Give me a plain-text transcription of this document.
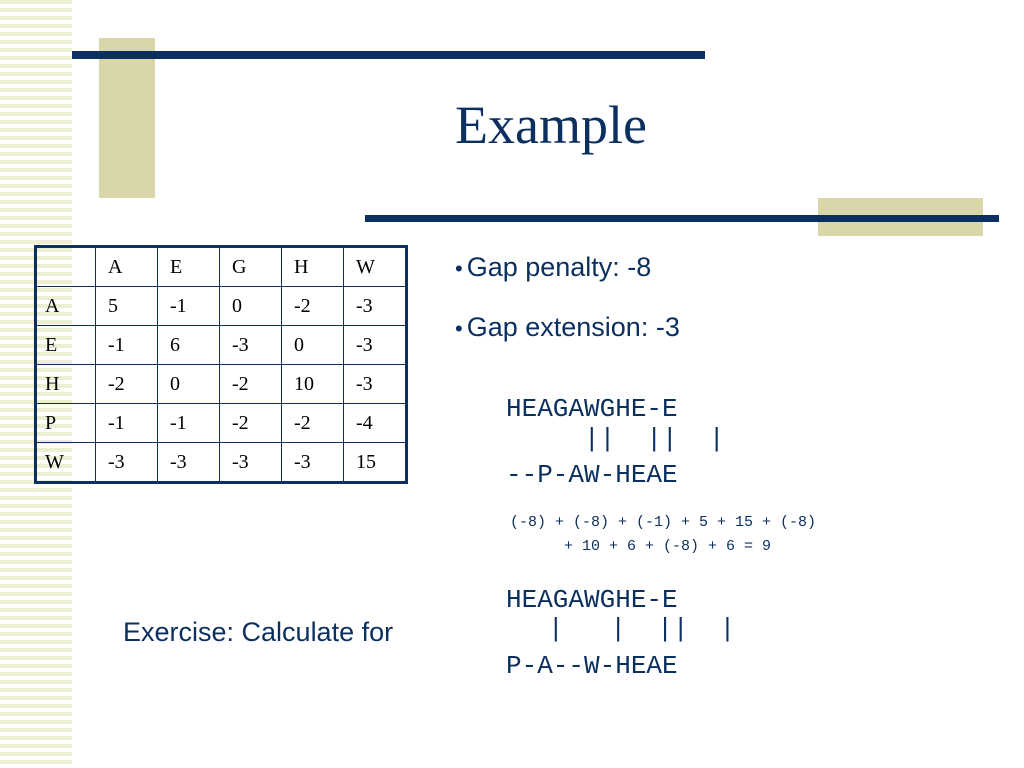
Example
	A	E	G	H	W
A	5	-1	0	-2	-3
E	-1	6	-3	0	-3
H	-2	0	-2	10	-3
P	-1	-1	-2	-2	-4
W	-3	-3	-3	-3	15
• Gap penalty: -8
• Gap extension: -3
HEAGAWGHE-E
||  ||  |
--P-AW-HEAE
(-8) + (-8) + (-1) + 5 + 15 + (-8)
+ 10 + 6 + (-8) + 6 = 9

Exercise: Calculate for

HEAGAWGHE-E
|   |  ||  |
P-A--W-HEAE
